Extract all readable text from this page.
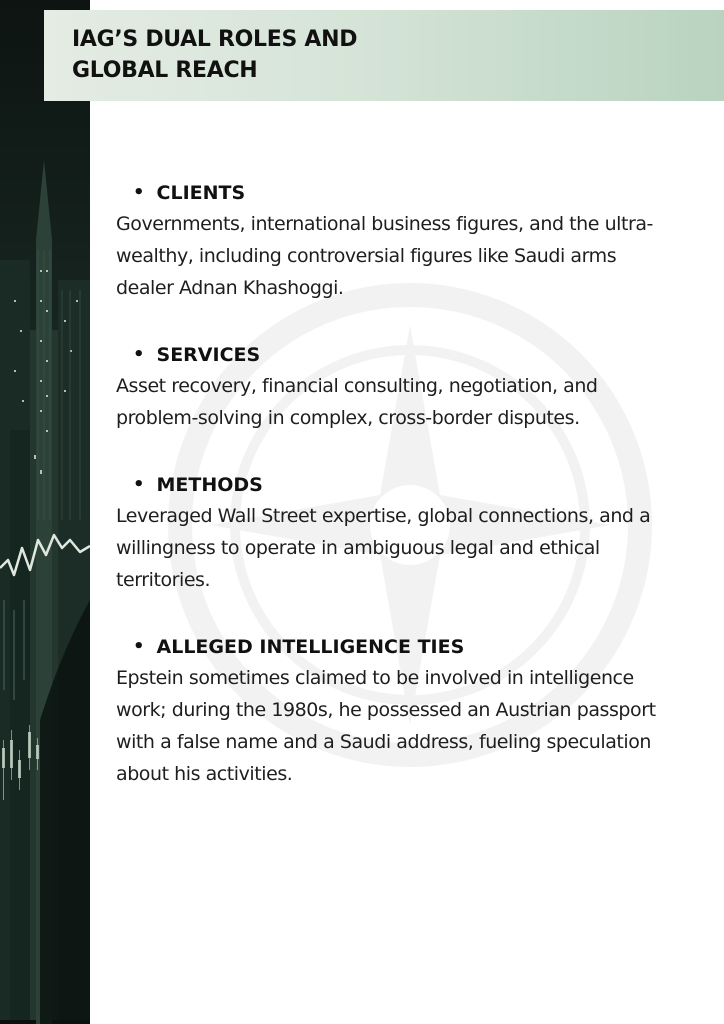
IAG’S DUAL ROLES AND GLOBAL REACH
• CLIENTS

Governments, international business figures, and the ultra-wealthy, including controversial figures like Saudi arms dealer Adnan Khashoggi.

• SERVICES

Asset recovery, financial consulting, negotiation, and problem-solving in complex, cross-border disputes.

• METHODS

Leveraged Wall Street expertise, global connections, and a willingness to operate in ambiguous legal and ethical territories.

• ALLEGED INTELLIGENCE TIES

Epstein sometimes claimed to be involved in intelligence work; during the 1980s, he possessed an Austrian passport with a false name and a Saudi address, fueling speculation about his activities.
